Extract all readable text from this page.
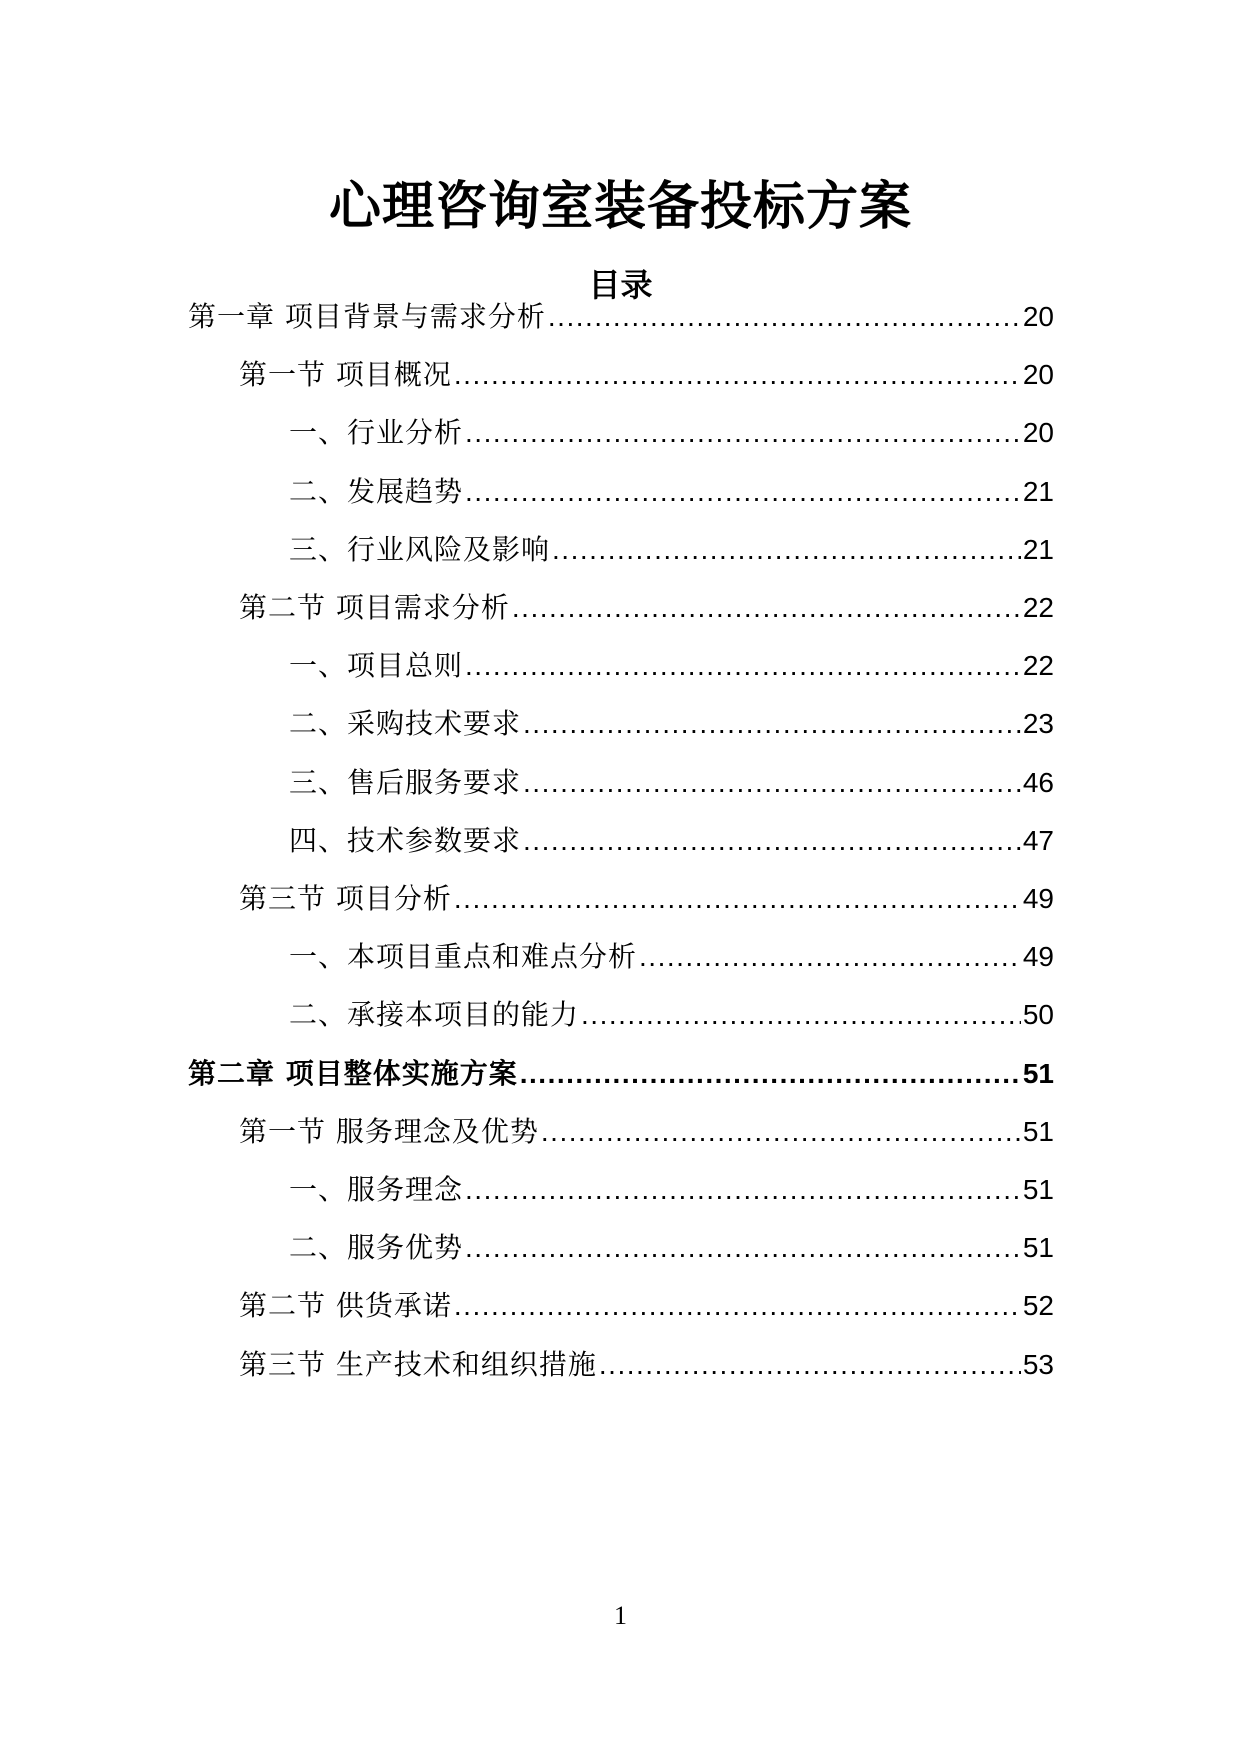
心理咨询室装备投标方案
目录
第一章 项目背景与需求分析 .....	20
第一节 项目概况 .....	20
一、行业分析 .....	20
二、发展趋势 .....	21
三、行业风险及影响 .....	21
第二节 项目需求分析 .....	22
一、项目总则 .....	22
二、采购技术要求 .....	23
三、售后服务要求 .....	46
四、技术参数要求 .....	47
第三节 项目分析 .....	49
一、本项目重点和难点分析 .....	49
二、承接本项目的能力 .....	50
第二章 项目整体实施方案 .....	51
第一节 服务理念及优势 .....	51
一、服务理念 .....	51
二、服务优势 .....	51
第二节 供货承诺 .....	52
第三节 生产技术和组织措施 .....	53
1
